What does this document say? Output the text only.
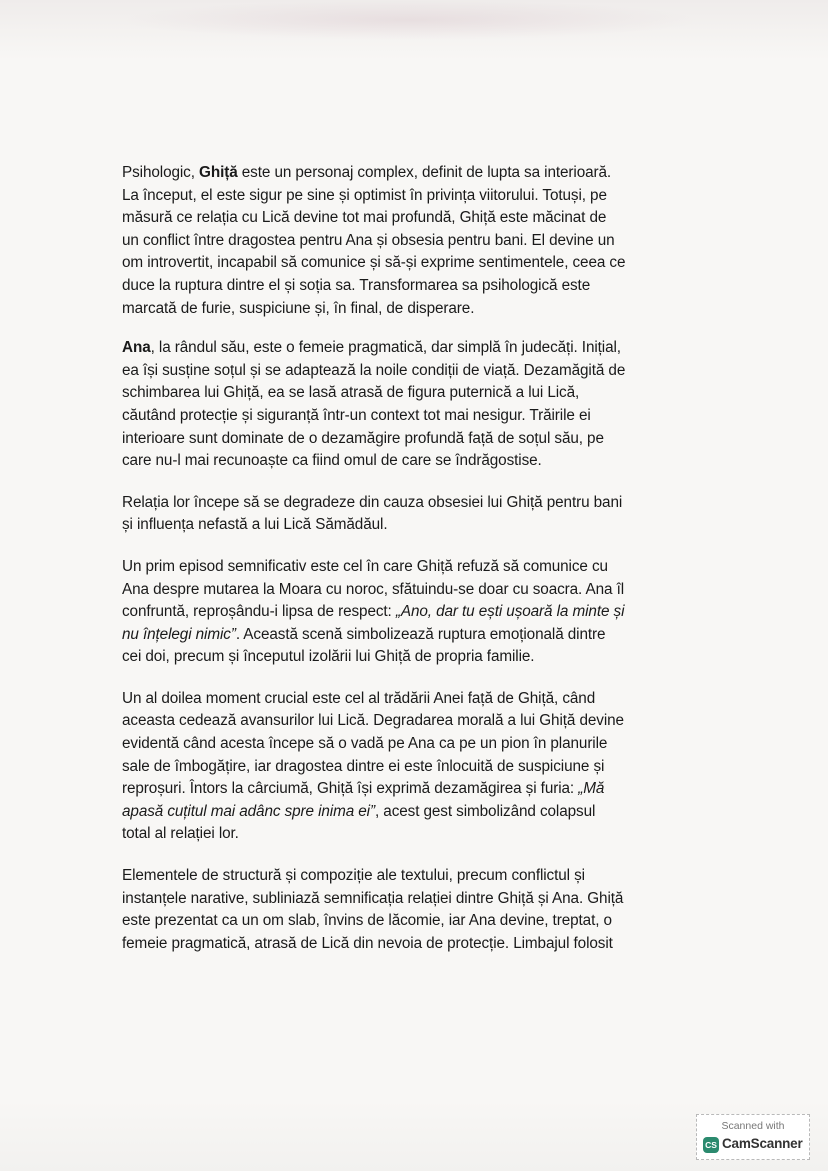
Psihologic, Ghiță este un personaj complex, definit de lupta sa interioară.
La început, el este sigur pe sine și optimist în privința viitorului. Totuși, pe
măsură ce relația cu Lică devine tot mai profundă, Ghiță este măcinat de
un conflict între dragostea pentru Ana și obsesia pentru bani. El devine un
om introvertit, incapabil să comunice și să-și exprime sentimentele, ceea ce
duce la ruptura dintre el și soția sa. Transformarea sa psihologică este
marcată de furie, suspiciune și, în final, de disperare.

Ana, la rândul său, este o femeie pragmatică, dar simplă în judecăți. Inițial,
ea își susține soțul și se adaptează la noile condiții de viață. Dezamăgită de
schimbarea lui Ghiță, ea se lasă atrasă de figura puternică a lui Lică,
căutând protecție și siguranță într-un context tot mai nesigur. Trăirile ei
interioare sunt dominate de o dezamăgire profundă față de soțul său, pe
care nu-l mai recunoaște ca fiind omul de care se îndrăgostise.

Relația lor începe să se degradeze din cauza obsesiei lui Ghiță pentru bani
și influența nefastă a lui Lică Sămădăul.

Un prim episod semnificativ este cel în care Ghiță refuză să comunice cu
Ana despre mutarea la Moara cu noroc, sfătuindu-se doar cu soacra. Ana îl
confruntă, reproșându-i lipsa de respect: „Ano, dar tu ești ușoară la minte și
nu înțelegi nimic”. Această scenă simbolizează ruptura emoțională dintre
cei doi, precum și începutul izolării lui Ghiță de propria familie.

Un al doilea moment crucial este cel al trădării Anei față de Ghiță, când
aceasta cedează avansurilor lui Lică. Degradarea morală a lui Ghiță devine
evidentă când acesta începe să o vadă pe Ana ca pe un pion în planurile
sale de îmbogățire, iar dragostea dintre ei este înlocuită de suspiciune și
reproșuri. Întors la cârciumă, Ghiță își exprimă dezamăgirea și furia: „Mă
apasă cuțitul mai adânc spre inima ei”, acest gest simbolizând colapsul
total al relației lor.

Elementele de structură și compoziție ale textului, precum conflictul și
instanțele narative, subliniază semnificația relației dintre Ghiță și Ana. Ghiță
este prezentat ca un om slab, învins de lăcomie, iar Ana devine, treptat, o
femeie pragmatică, atrasă de Lică din nevoia de protecție. Limbajul folosit

Scanned with
CS CamScanner
